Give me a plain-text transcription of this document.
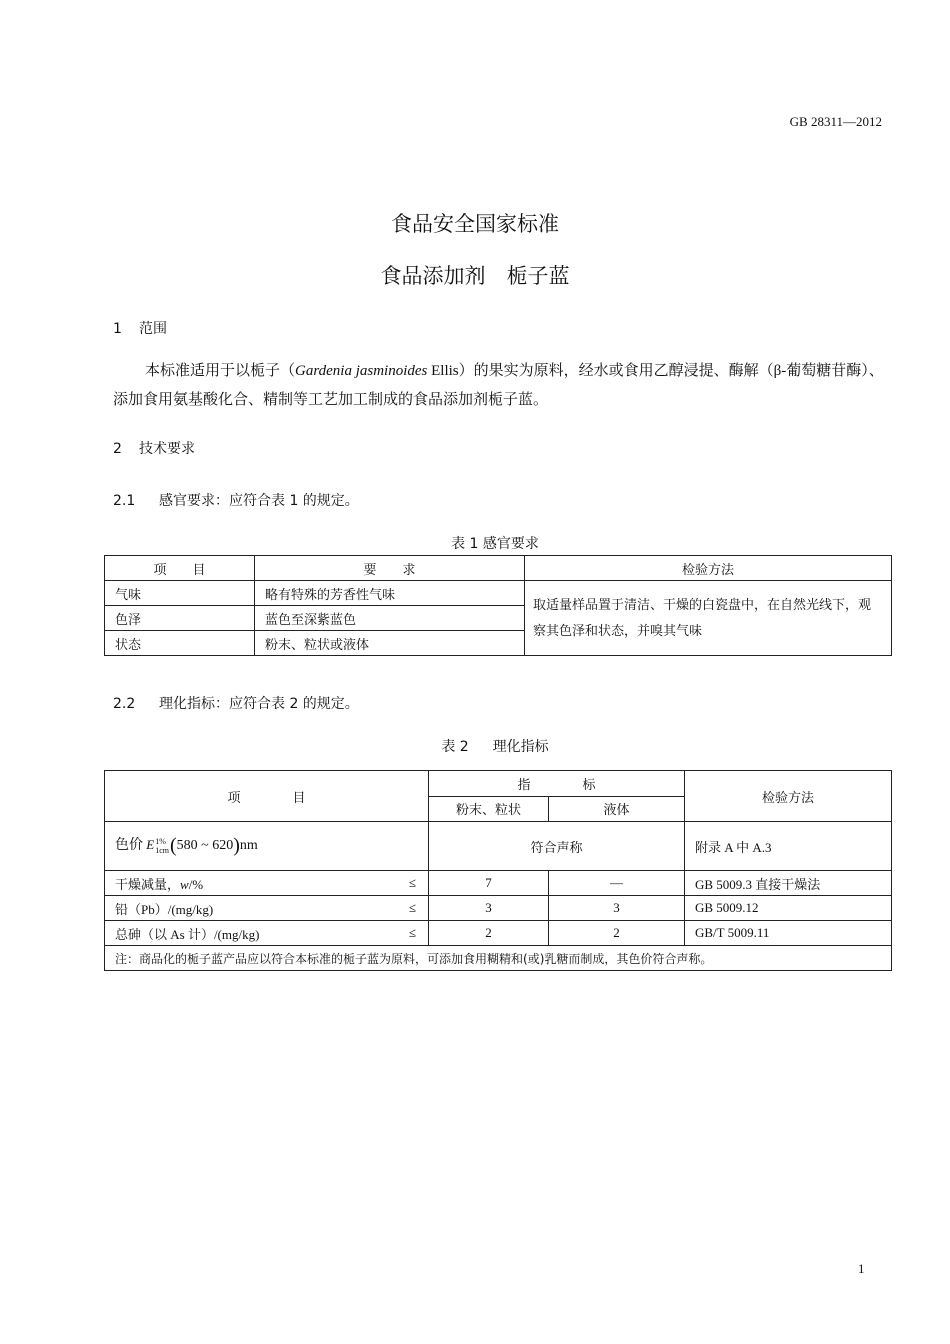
GB 28311—2012
食品安全国家标准
食品添加剂　栀子蓝
1 范围

本标准适用于以栀子（Gardenia jasminoides Ellis）的果实为原料，经水或食用乙醇浸提、酶解（β-葡萄糖苷酶）、添加食用氨基酸化合、精制等工艺加工制成的食品添加剂栀子蓝。

2 技术要求
2.1 感官要求：应符合表 1 的规定。
表 1 感官要求
项　　目	要　　求	检验方法
气味	略有特殊的芳香性气味	取适量样品置于清洁、干燥的白瓷盘中，在自然光线下，观察其色泽和状态，并嗅其气味
色泽	蓝色至深紫蓝色	
状态	粉末、粒状或液体	
2.2 理化指标：应符合表 2 的规定。
表 2 理化指标
项　　　　目	指　　　　标		检验方法
	粉末、粒状	液体	
色价 E 1%
1cm (580 ~ 620)nm	符合声称		附录 A 中 A.3
干燥减量，w/% ≤	7	—	GB 5009.3 直接干燥法
铅（Pb）/(mg/kg) ≤	3	3	GB 5009.12
总砷（以 As 计）/(mg/kg) ≤	2	2	GB/T 5009.11
注：商品化的栀子蓝产品应以符合本标准的栀子蓝为原料，可添加食用糊精和(或)乳糖而制成，其色价符合声称。			
1
